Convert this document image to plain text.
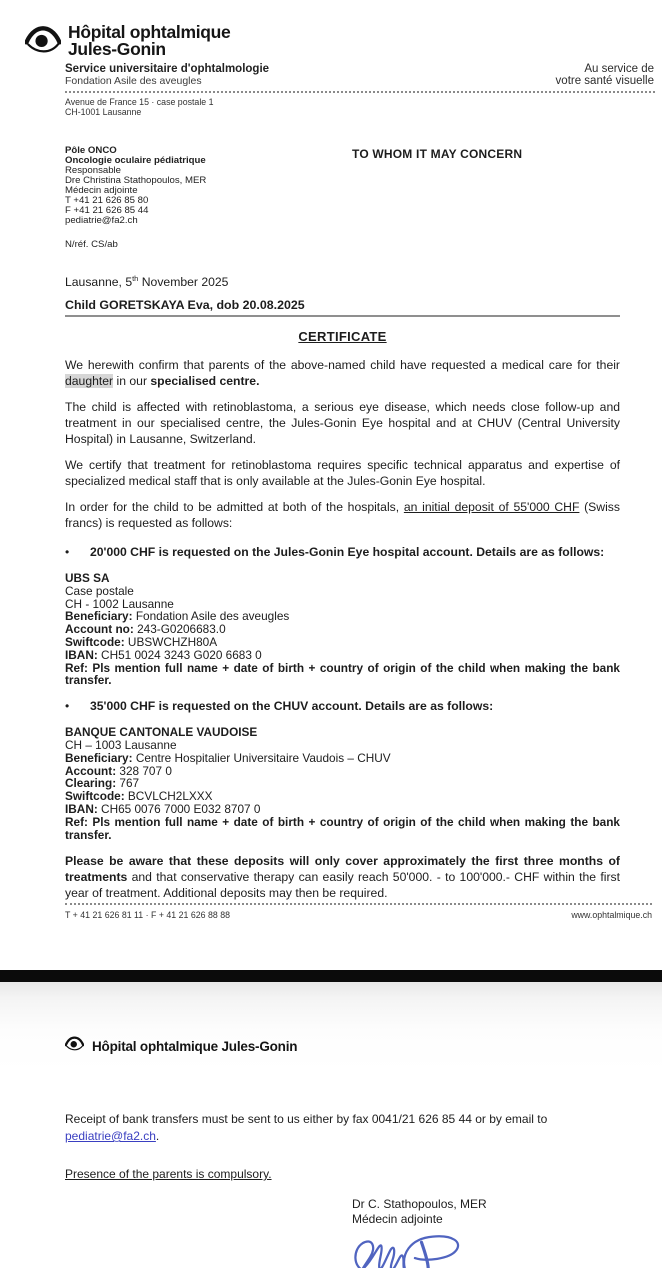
Hôpital ophtalmique
Jules-Gonin
Service universitaire d'ophtalmologie
Fondation Asile des aveugles
Au service de
votre santé visuelle
Avenue de France 15 · case postale 1
CH-1001 Lausanne
Pôle ONCO
Oncologie oculaire pédiatrique
Responsable
Dre Christina Stathopoulos, MER
Médecin adjointe
T +41 21 626 85 80
F +41 21 626 85 44
pediatrie@fa2.ch
TO WHOM IT MAY CONCERN
N/réf. CS/ab
Lausanne, 5th November 2025
Child GORETSKAYA Eva, dob 20.08.2025
CERTIFICATE
We herewith confirm that parents of the above-named child have requested a medical care for their daughter in our specialised centre.
The child is affected with retinoblastoma, a serious eye disease, which needs close follow-up and treatment in our specialised centre, the Jules-Gonin Eye hospital and at CHUV (Central University Hospital) in Lausanne, Switzerland.
We certify that treatment for retinoblastoma requires specific technical apparatus and expertise of specialized medical staff that is only available at the Jules-Gonin Eye hospital.
In order for the child to be admitted at both of the hospitals, an initial deposit of 55'000 CHF (Swiss francs) is requested as follows:
•	20'000 CHF is requested on the Jules-Gonin Eye hospital account. Details are as follows:
UBS SA
Case postale
CH - 1002 Lausanne
Beneficiary: Fondation Asile des aveugles
Account no: 243-G0206683.0
Swiftcode: UBSWCHZH80A
IBAN: CH51 0024 3243 G020 6683 0
Ref: Pls mention full name + date of birth + country of origin of the child when making the bank transfer.
•	35'000 CHF is requested on the CHUV account. Details are as follows:
BANQUE CANTONALE VAUDOISE
CH – 1003 Lausanne
Beneficiary: Centre Hospitalier Universitaire Vaudois – CHUV
Account: 328 707 0
Clearing: 767
Swiftcode: BCVLCH2LXXX
IBAN: CH65 0076 7000 E032 8707 0
Ref: Pls mention full name + date of birth + country of origin of the child when making the bank transfer.
Please be aware that these deposits will only cover approximately the first three months of treatments and that conservative therapy can easily reach 50'000. - to 100'000.- CHF within the first year of treatment. Additional deposits may then be required.
T + 41 21 626 81 11 · F + 41 21 626 88 88	www.ophtalmique.ch
Hôpital ophtalmique Jules-Gonin
Receipt of bank transfers must be sent to us either by fax 0041/21 626 85 44 or by email to pediatrie@fa2.ch.
Presence of the parents is compulsory.
Dr C. Stathopoulos, MER
Médecin adjointe
